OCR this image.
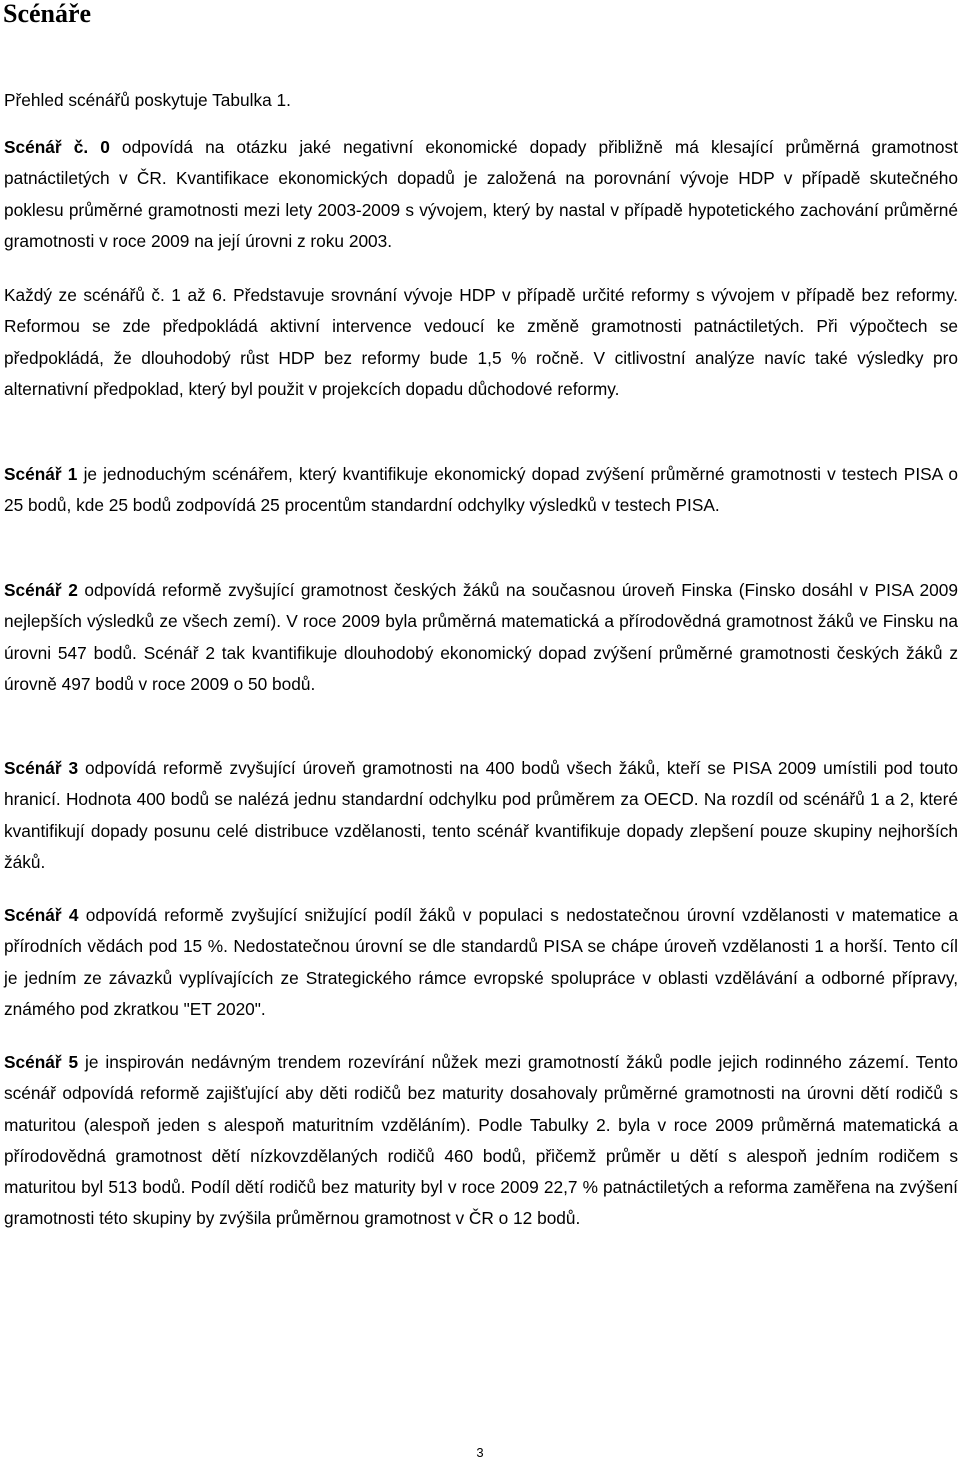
Scénáře

Přehled scénářů poskytuje Tabulka 1.

Scénář č. 0 odpovídá na otázku jaké negativní ekonomické dopady přibližně má klesající průměrná gramotnost patnáctiletých v ČR. Kvantifikace ekonomických dopadů je založená na porovnání vývoje HDP v případě skutečného poklesu průměrné gramotnosti mezi lety 2003-2009 s vývojem, který by nastal v případě hypotetického zachování průměrné gramotnosti v roce 2009 na její úrovni z roku 2003.

Každý ze scénářů č. 1 až 6. Představuje srovnání vývoje HDP v případě určité reformy s vývojem v případě bez reformy. Reformou se zde předpokládá aktivní intervence vedoucí ke změně gramotnosti patnáctiletých. Při výpočtech se předpokládá, že dlouhodobý růst HDP bez reformy bude 1,5 % ročně. V citlivostní analýze navíc také výsledky pro alternativní předpoklad, který byl použit v projekcích dopadu důchodové reformy.

Scénář 1 je jednoduchým scénářem, který kvantifikuje ekonomický dopad zvýšení průměrné gramotnosti v testech PISA o 25 bodů, kde 25 bodů zodpovídá 25 procentům standardní odchylky výsledků v testech PISA.

Scénář 2 odpovídá reformě zvyšující gramotnost českých žáků na současnou úroveň Finska (Finsko dosáhl v PISA 2009 nejlepších výsledků ze všech zemí). V roce 2009 byla průměrná matematická a přírodovědná gramotnost žáků ve Finsku na úrovni 547 bodů. Scénář 2 tak kvantifikuje dlouhodobý ekonomický dopad zvýšení průměrné gramotnosti českých žáků z úrovně 497 bodů v roce 2009 o 50 bodů.

Scénář 3 odpovídá reformě zvyšující úroveň gramotnosti na 400 bodů všech žáků, kteří se PISA 2009 umístili pod touto hranicí. Hodnota 400 bodů se nalézá jednu standardní odchylku pod průměrem za OECD. Na rozdíl od scénářů 1 a 2, které kvantifikují dopady posunu celé distribuce vzdělanosti, tento scénář kvantifikuje dopady zlepšení pouze skupiny nejhorších žáků.

Scénář 4 odpovídá reformě zvyšující snižující podíl žáků v populaci s nedostatečnou úrovní vzdělanosti v matematice a přírodních vědách pod 15 %. Nedostatečnou úrovní se dle standardů PISA se chápe úroveň vzdělanosti 1 a horší. Tento cíl je jedním ze závazků vyplívajících ze Strategického rámce evropské spolupráce v oblasti vzdělávání a odborné přípravy, známého pod zkratkou "ET 2020".

Scénář 5 je inspirován nedávným trendem rozevírání nůžek mezi gramotností žáků podle jejich rodinného zázemí. Tento scénář odpovídá reformě zajišťující aby děti rodičů bez maturity dosahovaly průměrné gramotnosti na úrovni dětí rodičů s maturitou (alespoň jeden s alespoň maturitním vzděláním). Podle Tabulky 2. byla v roce 2009 průměrná matematická a přírodovědná gramotnost dětí nízkovzdělaných rodičů 460 bodů, přičemž průměr u dětí s alespoň jedním rodičem s maturitou byl 513 bodů. Podíl dětí rodičů bez maturity byl v roce 2009 22,7 % patnáctiletých a reforma zaměřena na zvýšení gramotnosti této skupiny by zvýšila průměrnou gramotnost v ČR o 12 bodů.

3
